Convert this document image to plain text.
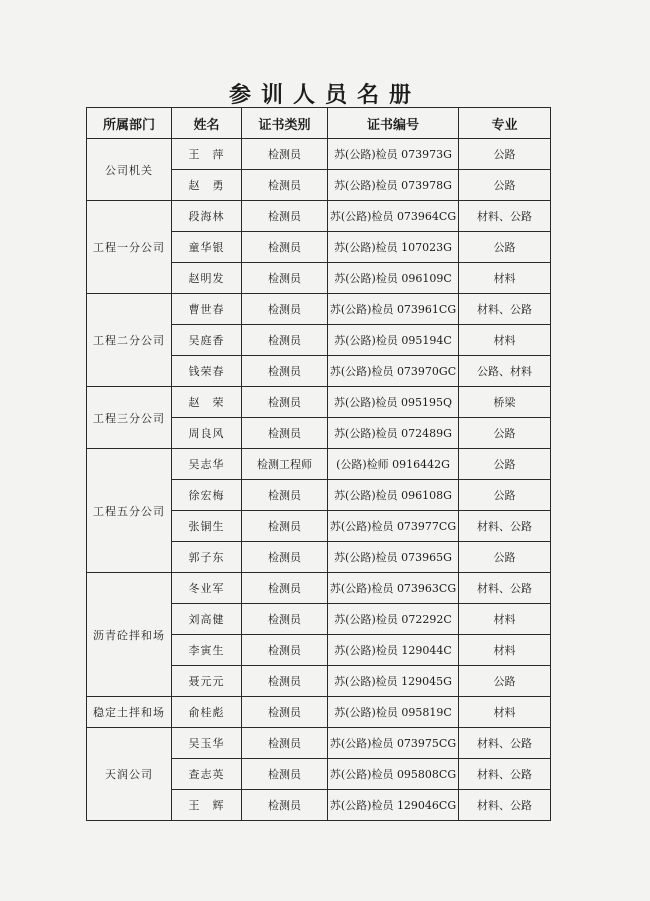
参训人员名册
所属部门	姓名	证书类别	证书编号	专业
公司机关	王　萍	检测员	苏(公路)检员 073973G	公路
	赵　勇	检测员	苏(公路)检员 073978G	公路
工程一分公司	段海林	检测员	苏(公路)检员 073964CG	材料、公路
	童华银	检测员	苏(公路)检员 107023G	公路
	赵明发	检测员	苏(公路)检员 096109C	材料
工程二分公司	曹世春	检测员	苏(公路)检员 073961CG	材料、公路
	吴庭香	检测员	苏(公路)检员 095194C	材料
	钱荣春	检测员	苏(公路)检员 073970GC	公路、材料
工程三分公司	赵　荣	检测员	苏(公路)检员 095195Q	桥梁
	周良风	检测员	苏(公路)检员 072489G	公路
工程五分公司	吴志华	检测工程师	(公路)检师 0916442G	公路
	徐宏梅	检测员	苏(公路)检员 096108G	公路
	张铜生	检测员	苏(公路)检员 073977CG	材料、公路
	郭子东	检测员	苏(公路)检员 073965G	公路
沥青砼拌和场	冬业军	检测员	苏(公路)检员 073963CG	材料、公路
	刘高健	检测员	苏(公路)检员 072292C	材料
	李寅生	检测员	苏(公路)检员 129044C	材料
	聂元元	检测员	苏(公路)检员 129045G	公路
稳定土拌和场	俞桂彪	检测员	苏(公路)检员 095819C	材料
天润公司	吴玉华	检测员	苏(公路)检员 073975CG	材料、公路
	查志英	检测员	苏(公路)检员 095808CG	材料、公路
	王　辉	检测员	苏(公路)检员 129046CG	材料、公路
